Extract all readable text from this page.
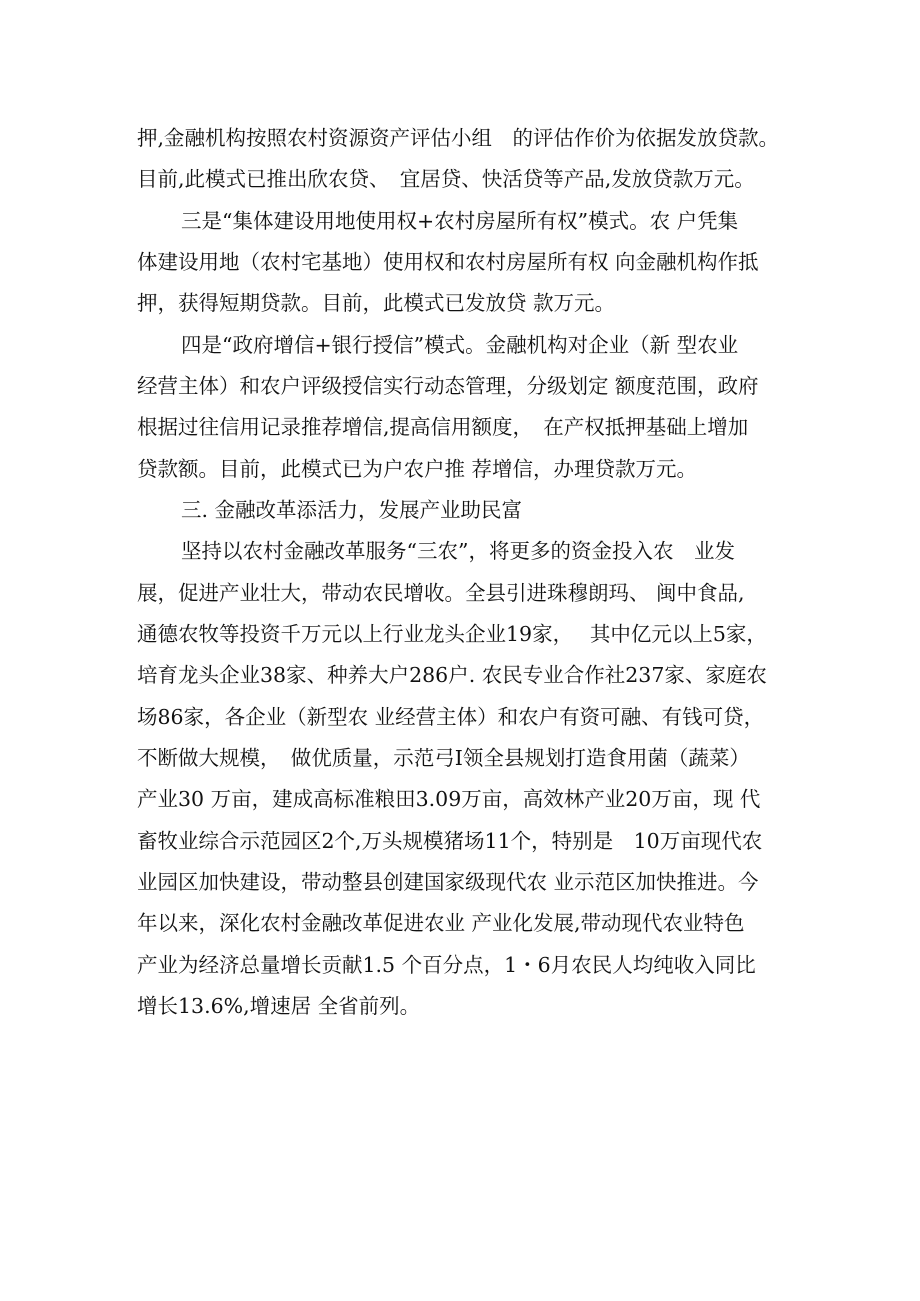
押,金融机构按照农村资源资产评估小组　的评估作价为依据发放贷款。
目前,此模式已推出欣农贷、　宜居贷、快活贷等产品,发放贷款万元。
三是“集体建设用地使用权+农村房屋所有权”模式。农 户凭集
体建设用地（农村宅基地）使用权和农村房屋所有权 向金融机构作抵
押，获得短期贷款。目前，此模式已发放贷 款万元。
四是“政府增信+银行授信”模式。金融机构对企业（新 型农业
经营主体）和农户评级授信实行动态管理，分级划定 额度范围，政府
根据过往信用记录推荐增信,提高信用额度，　在产权抵押基础上增加
贷款额。目前，此模式已为户农户推 荐增信，办理贷款万元。
三. 金融改革添活力，发展产业助民富
坚持以农村金融改革服务“三农”，将更多的资金投入农　业发
展，促进产业壮大，带动农民增收。全县引进珠穆朗玛、 闽中食品,
通德农牧等投资千万元以上行业龙头企业19家，　 其中亿元以上5家，
培育龙头企业38家、种养大户286户. 农民专业合作社237家、家庭农
场86家，各企业（新型农 业经营主体）和农户有资可融、有钱可贷，
不断做大规模，　做优质量，示范弓I领全县规划打造食用菌（蔬菜）
产业30 万亩，建成高标准粮田3.09万亩，高效林产业20万亩，现 代
畜牧业综合示范园区2个,万头规模猪场11个，特别是　10万亩现代农
业园区加快建设，带动整县创建国家级现代农 业示范区加快推进。今
年以来，深化农村金融改革促进农业 产业化发展,带动现代农业特色
产业为经济总量增长贡献1.5 个百分点，1・6月农民人均纯收入同比
增长13.6%,增速居 全省前列。
